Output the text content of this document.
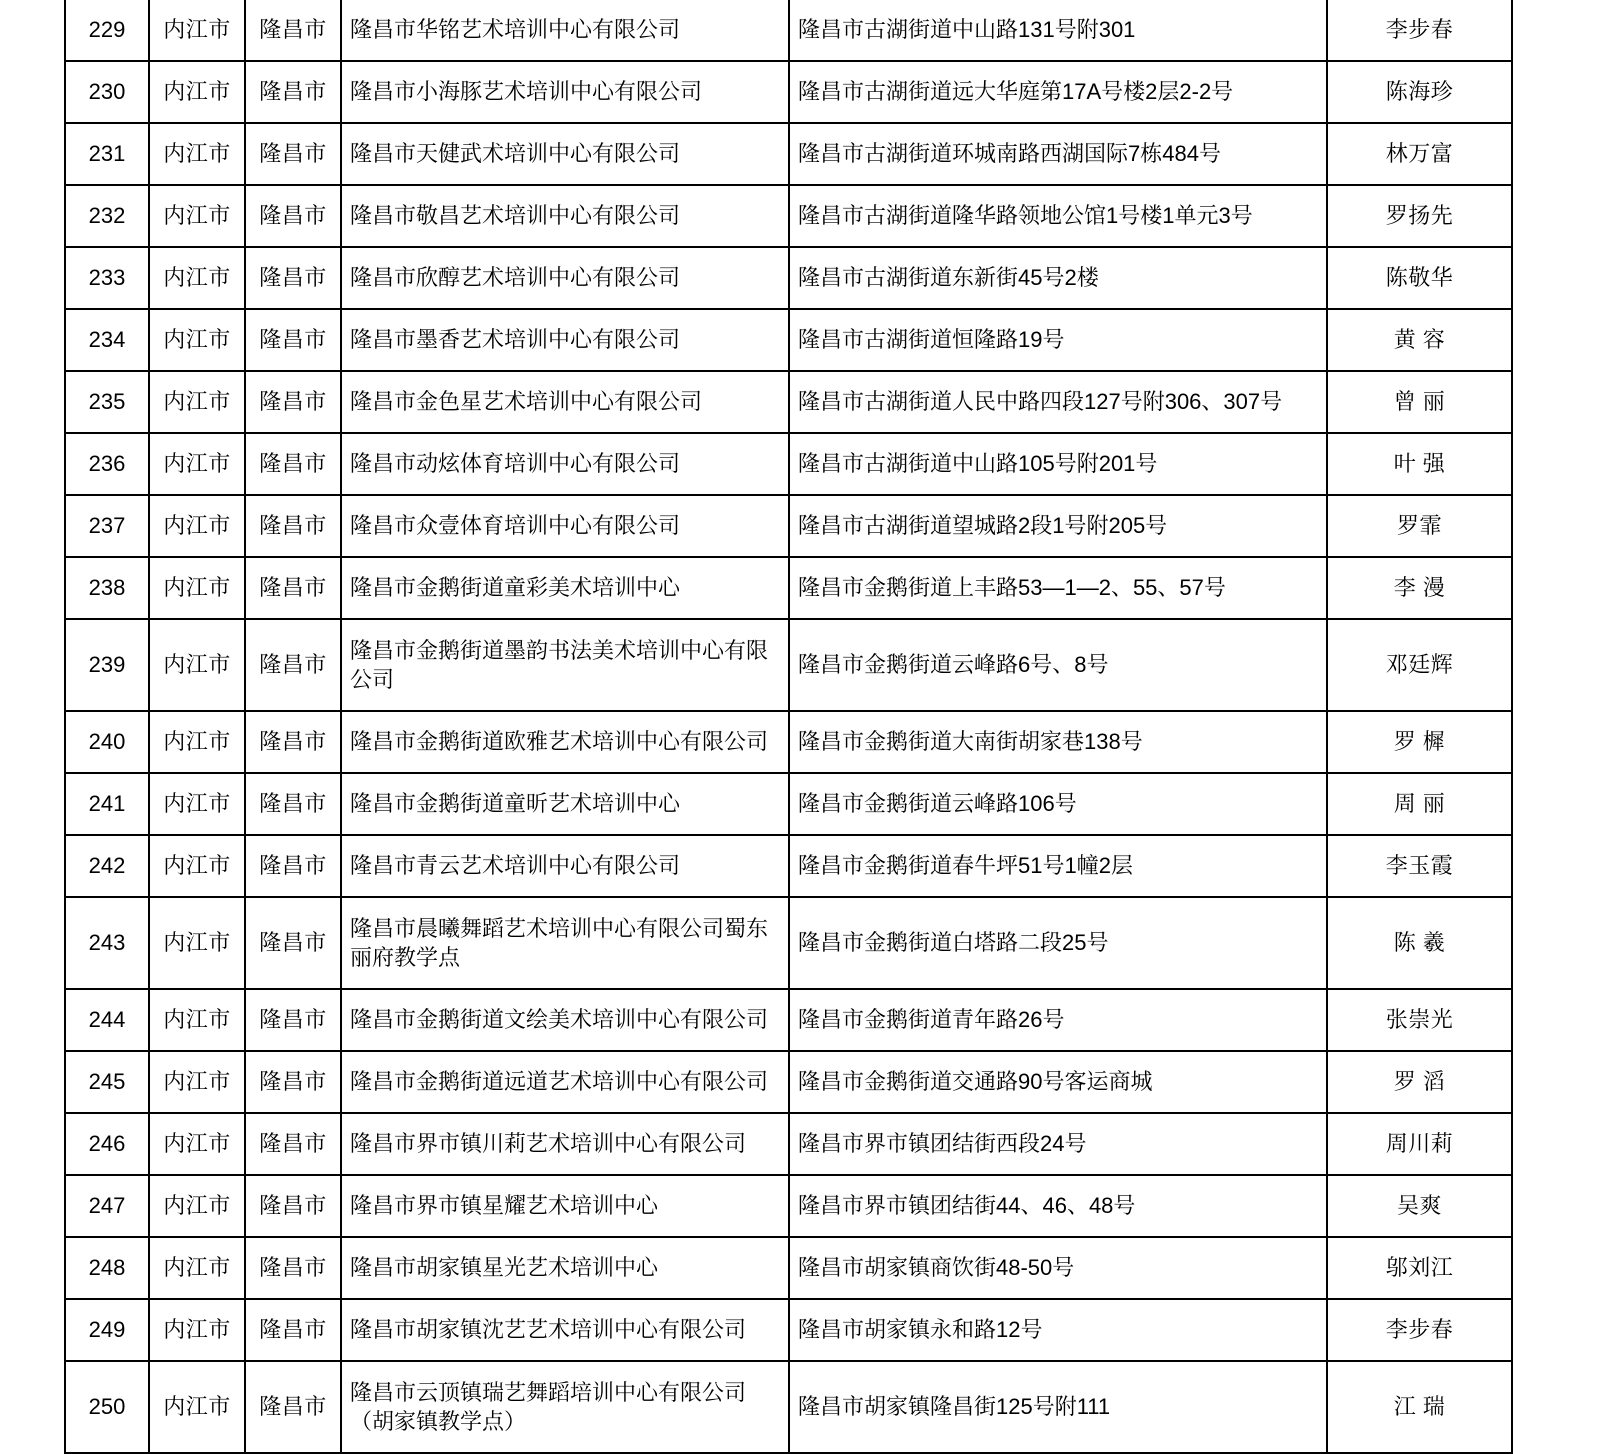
229	内江市	隆昌市	隆昌市华铭艺术培训中心有限公司	隆昌市古湖街道中山路131号附301	李步春
230	内江市	隆昌市	隆昌市小海豚艺术培训中心有限公司	隆昌市古湖街道远大华庭第17A号楼2层2-2号	陈海珍
231	内江市	隆昌市	隆昌市天健武术培训中心有限公司	隆昌市古湖街道环城南路西湖国际7栋484号	林万富
232	内江市	隆昌市	隆昌市敬昌艺术培训中心有限公司	隆昌市古湖街道隆华路领地公馆1号楼1单元3号	罗扬先
233	内江市	隆昌市	隆昌市欣醇艺术培训中心有限公司	隆昌市古湖街道东新街45号2楼	陈敬华
234	内江市	隆昌市	隆昌市墨香艺术培训中心有限公司	隆昌市古湖街道恒隆路19号	黄 容
235	内江市	隆昌市	隆昌市金色星艺术培训中心有限公司	隆昌市古湖街道人民中路四段127号附306、307号	曾 丽
236	内江市	隆昌市	隆昌市动炫体育培训中心有限公司	隆昌市古湖街道中山路105号附201号	叶 强
237	内江市	隆昌市	隆昌市众壹体育培训中心有限公司	隆昌市古湖街道望城路2段1号附205号	罗霏
238	内江市	隆昌市	隆昌市金鹅街道童彩美术培训中心	隆昌市金鹅街道上丰路53—1—2、55、57号	李 漫
239	内江市	隆昌市	隆昌市金鹅街道墨韵书法美术培训中心有限公司	隆昌市金鹅街道云峰路6号、8号	邓廷辉
240	内江市	隆昌市	隆昌市金鹅街道欧雅艺术培训中心有限公司	隆昌市金鹅街道大南街胡家巷138号	罗 樨
241	内江市	隆昌市	隆昌市金鹅街道童昕艺术培训中心	隆昌市金鹅街道云峰路106号	周 丽
242	内江市	隆昌市	隆昌市青云艺术培训中心有限公司	隆昌市金鹅街道春牛坪51号1幢2层	李玉霞
243	内江市	隆昌市	隆昌市晨曦舞蹈艺术培训中心有限公司蜀东丽府教学点	隆昌市金鹅街道白塔路二段25号	陈 羲
244	内江市	隆昌市	隆昌市金鹅街道文绘美术培训中心有限公司	隆昌市金鹅街道青年路26号	张崇光
245	内江市	隆昌市	隆昌市金鹅街道远道艺术培训中心有限公司	隆昌市金鹅街道交通路90号客运商城	罗 滔
246	内江市	隆昌市	隆昌市界市镇川莉艺术培训中心有限公司	隆昌市界市镇团结街西段24号	周川莉
247	内江市	隆昌市	隆昌市界市镇星耀艺术培训中心	隆昌市界市镇团结街44、46、48号	吴爽
248	内江市	隆昌市	隆昌市胡家镇星光艺术培训中心	隆昌市胡家镇商饮街48-50号	邬刘江
249	内江市	隆昌市	隆昌市胡家镇沈艺艺术培训中心有限公司	隆昌市胡家镇永和路12号	李步春
250	内江市	隆昌市	隆昌市云顶镇瑞艺舞蹈培训中心有限公司（胡家镇教学点）	隆昌市胡家镇隆昌街125号附111	江 瑞
